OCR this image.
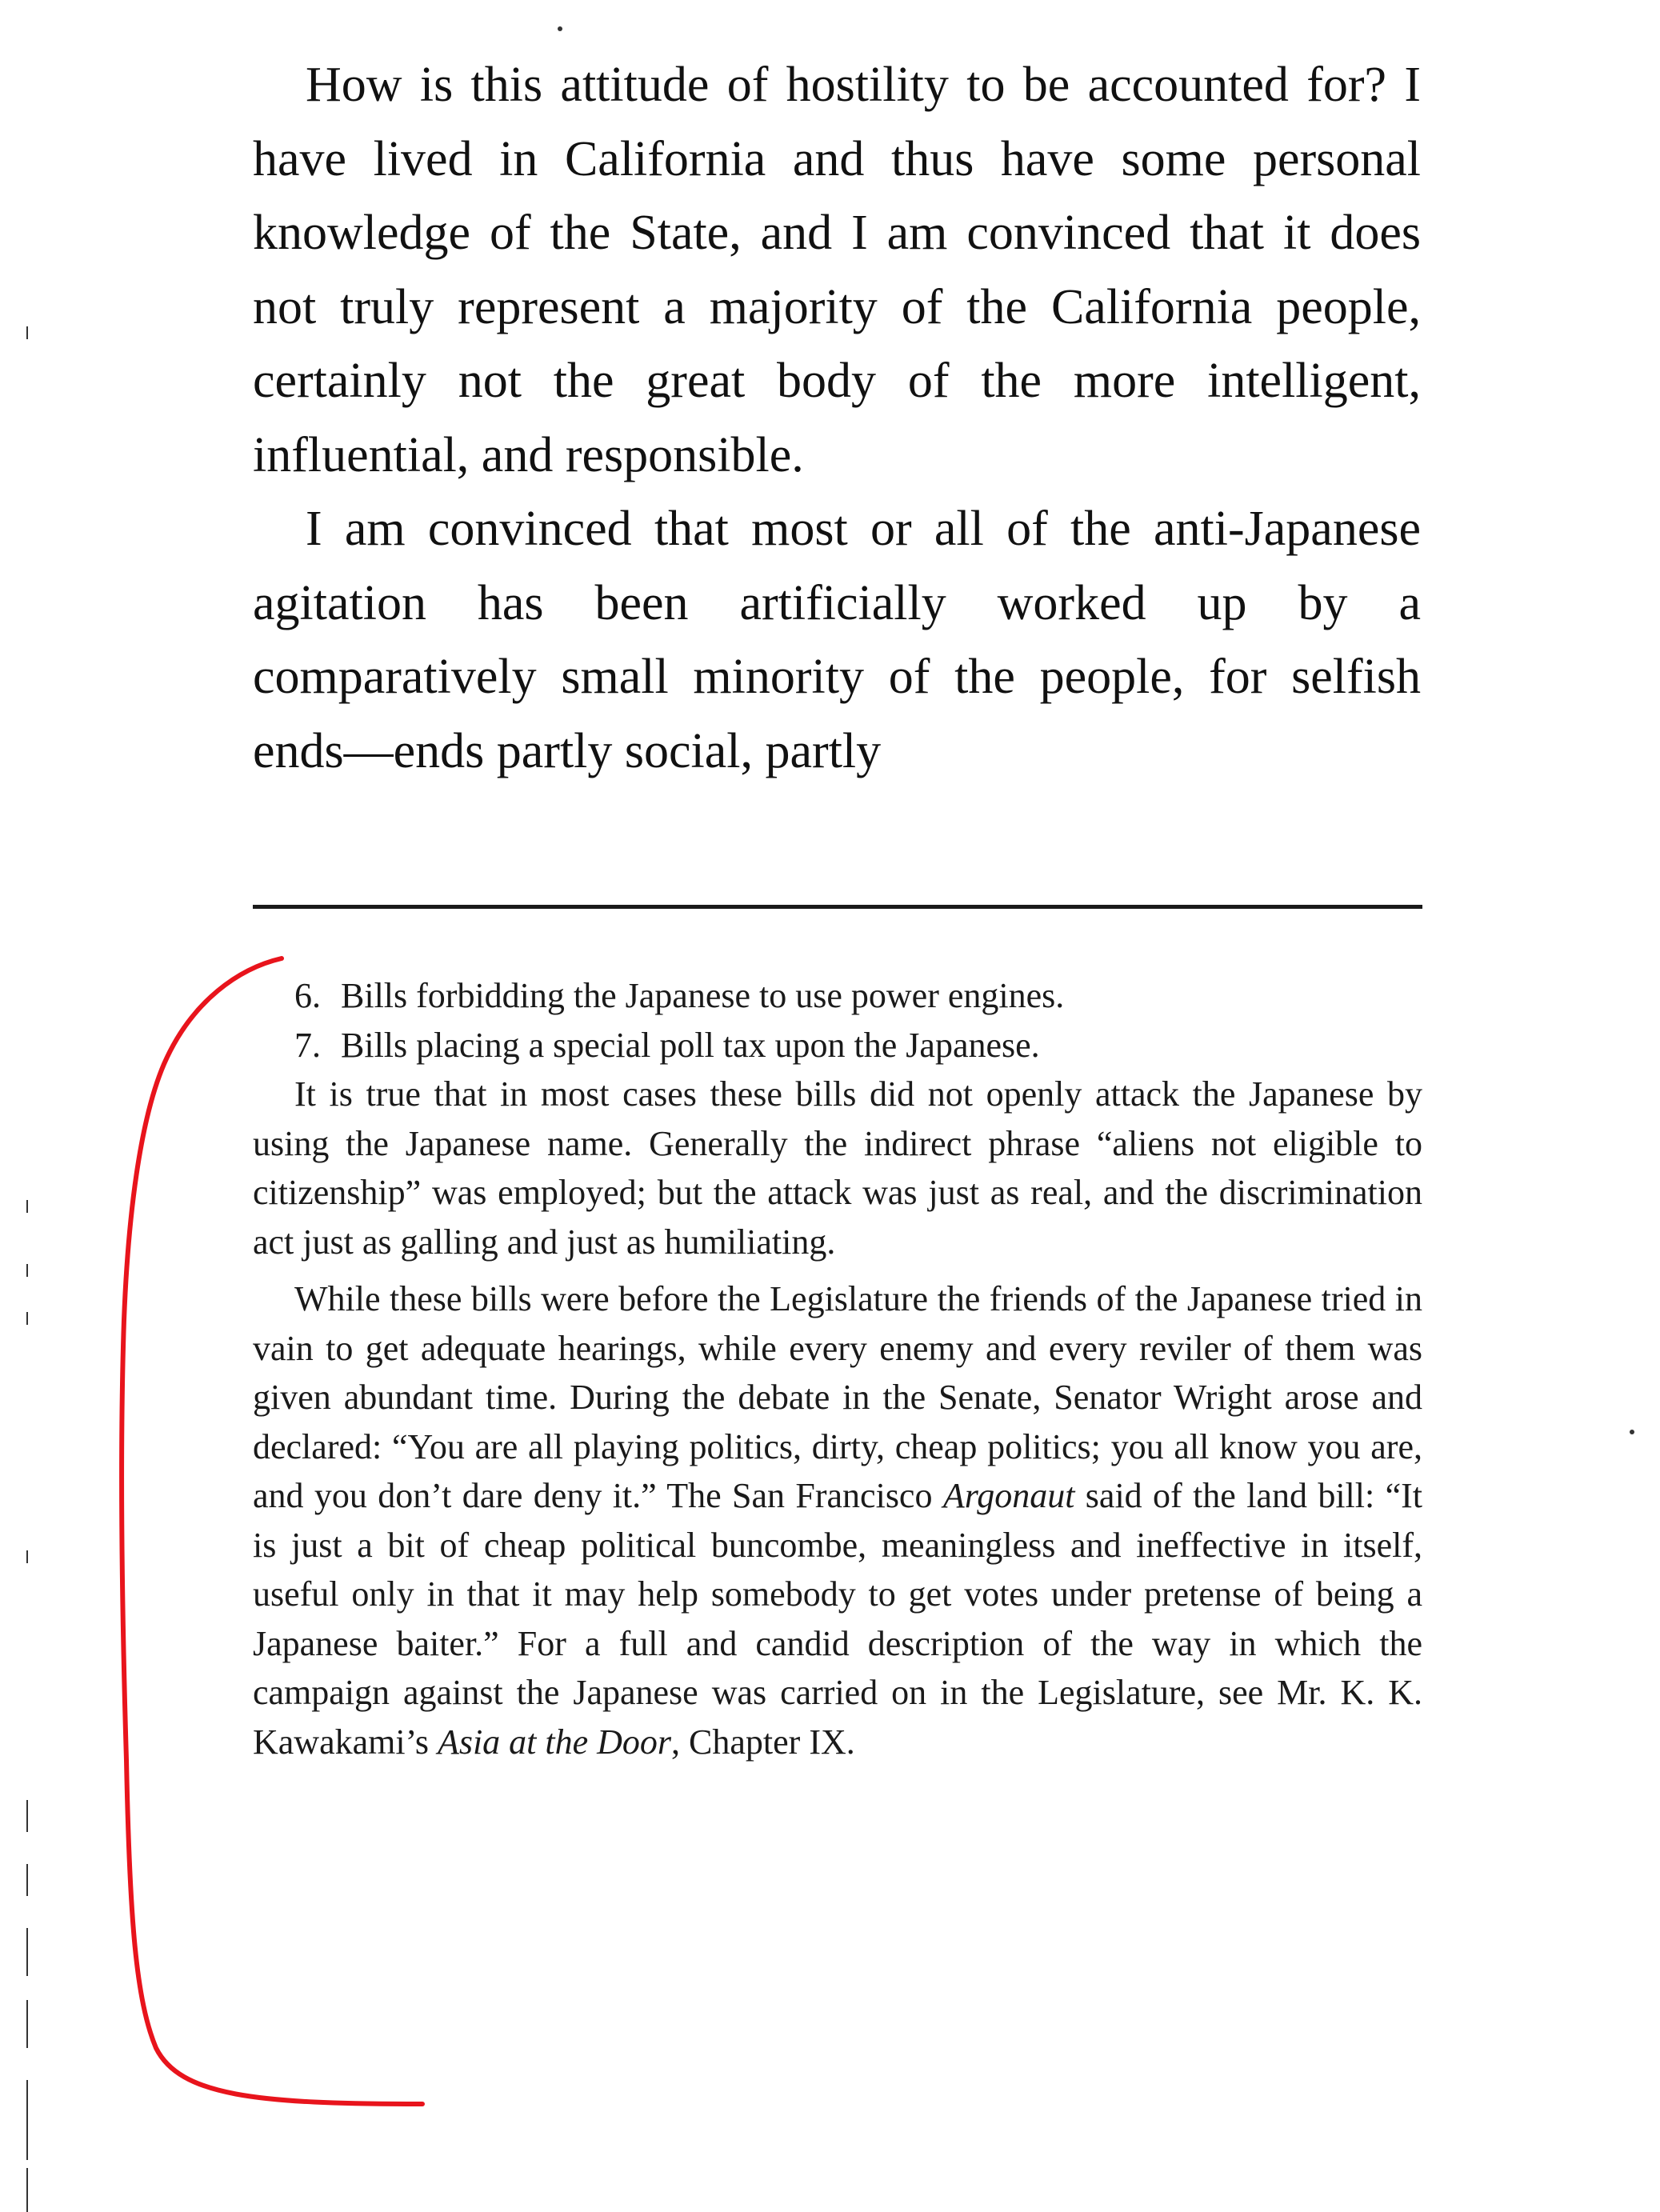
How is this attitude of hostility to be accounted for? I have lived in California and thus have some personal knowledge of the State, and I am convinced that it does not truly represent a majority of the California people, certainly not the great body of the more intelligent, influential, and responsible.

I am convinced that most or all of the anti-Japanese agitation has been artificially worked up by a comparatively small minority of the people, for selfish ends—ends partly social, partly

6. Bills forbidding the Japanese to use power engines.
7. Bills placing a special poll tax upon the Japanese.

It is true that in most cases these bills did not openly attack the Japanese by using the Japanese name. Generally the indirect phrase “aliens not eligible to citizenship” was employed; but the attack was just as real, and the discrimination act just as galling and just as humiliating.

While these bills were before the Legislature the friends of the Japanese tried in vain to get adequate hearings, while every enemy and every reviler of them was given abundant time. During the debate in the Senate, Senator Wright arose and declared: “You are all playing politics, dirty, cheap politics; you all know you are, and you don’t dare deny it.” The San Francisco Argonaut said of the land bill: “It is just a bit of cheap political buncombe, meaningless and ineffective in itself, useful only in that it may help somebody to get votes under pretense of being a Japanese baiter.” For a full and candid description of the way in which the campaign against the Japanese was carried on in the Legislature, see Mr. K. K. Kawakami’s Asia at the Door, Chapter IX.
